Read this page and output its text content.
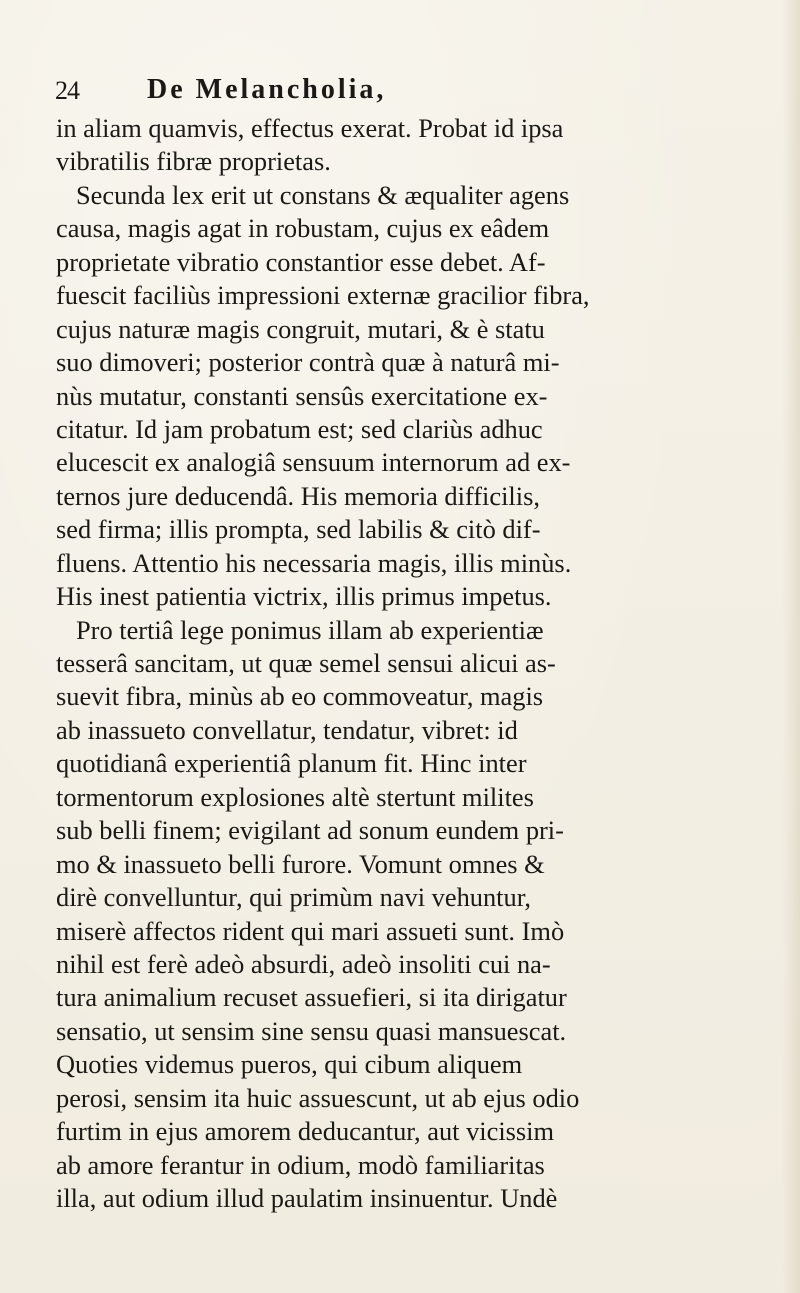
24 De Melancholia,
in aliam quamvis, effectus exerat. Probat id ipsa
vibratilis fibræ proprietas.
Secunda lex erit ut constans & æqualiter agens
causa, magis agat in robustam, cujus ex eâdem
proprietate vibratio constantior esse debet. Af-
fuescit faciliùs impressioni externæ gracilior fibra,
cujus naturæ magis congruit, mutari, & è statu
suo dimoveri; posterior contrà quæ à naturâ mi-
nùs mutatur, constanti sensûs exercitatione ex-
citatur. Id jam probatum est; sed clariùs adhuc
elucescit ex analogiâ sensuum internorum ad ex-
ternos jure deducendâ. His memoria difficilis,
sed firma; illis prompta, sed labilis & citò dif-
fluens. Attentio his necessaria magis, illis minùs.
His inest patientia victrix, illis primus impetus.
Pro tertiâ lege ponimus illam ab experientiæ
tesserâ sancitam, ut quæ semel sensui alicui as-
suevit fibra, minùs ab eo commoveatur, magis
ab inassueto convellatur, tendatur, vibret: id
quotidianâ experientiâ planum fit. Hinc inter
tormentorum explosiones altè stertunt milites
sub belli finem; evigilant ad sonum eundem pri-
mo & inassueto belli furore. Vomunt omnes &
dirè convelluntur, qui primùm navi vehuntur,
miserè affectos rident qui mari assueti sunt. Imò
nihil est ferè adeò absurdi, adeò insoliti cui na-
tura animalium recuset assuefieri, si ita dirigatur
sensatio, ut sensim sine sensu quasi mansuescat.
Quoties videmus pueros, qui cibum aliquem
perosi, sensim ita huic assuescunt, ut ab ejus odio
furtim in ejus amorem deducantur, aut vicissim
ab amore ferantur in odium, modò familiaritas
illa, aut odium illud paulatim insinuentur. Undè
